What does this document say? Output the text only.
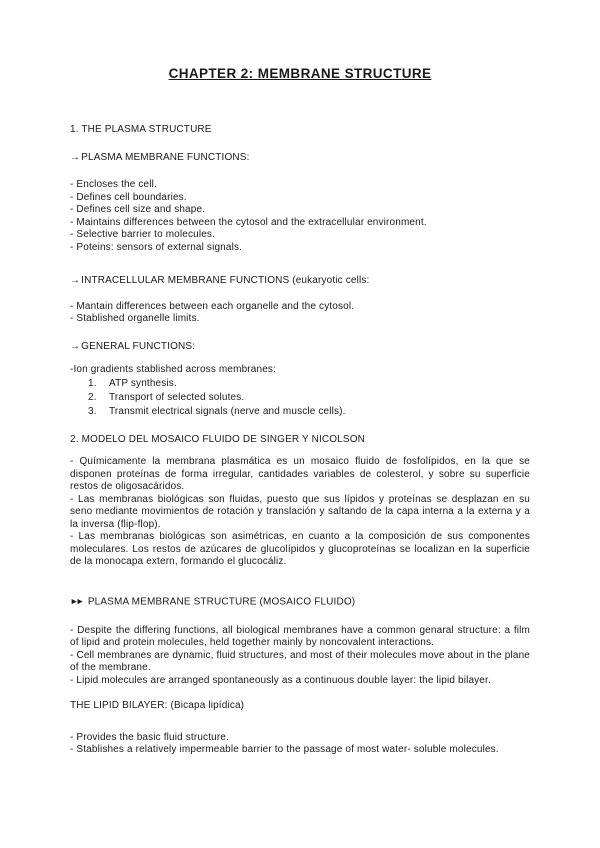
CHAPTER 2: MEMBRANE STRUCTURE

1. THE PLASMA STRUCTURE

→PLASMA MEMBRANE FUNCTIONS:

- Encloses the cell.

- Defines cell boundaries.

- Defines cell size and shape.

- Maintains differences between the cytosol and the extracellular environment.

- Selective barrier to molecules.

- Poteins: sensors of external signals.

→INTRACELLULAR MEMBRANE FUNCTIONS (eukaryotic cells:

- Mantain differences between each organelle and the cytosol.

- Stablished organelle limits.

→GENERAL FUNCTIONS:

-Ion gradients stablished across membranes:

1.	ATP synthesis.
2.	Transport of selected solutes.
3.	Transmit electrical signals (nerve and muscle cells).

2. MODELO DEL MOSAICO FLUIDO DE SINGER Y NICOLSON

- Químicamente la membrana plasmática es un mosaico fluido de fosfolípidos, en la que se disponen proteínas de forma irregular, cantidades variables de colesterol, y sobre su superficie restos de oligosacáridos.

- Las membranas biológicas son fluidas, puesto que sus lípidos y proteínas se desplazan en su seno mediante movimientos de rotación y translación y saltando de la capa interna a la externa y a la inversa (flip-flop).

- Las membranas biológicas son asimétricas, en cuanto a la composición de sus componentes moleculares. Los restos de azúcares de glucolípidos y glucoproteínas se localizan en la superficie de la monocapa extern, formando el glucocáliz.

►► PLASMA MEMBRANE STRUCTURE (MOSAICO FLUIDO)

- Despite the differing functions, all biological membranes have a common genaral structure: a film of lipid and protein molecules, held together mainly by noncovalent interactions.

- Cell membranes are dynamic, fluid structures, and most of their molecules move about in the plane of the membrane.

- Lipid molecules are arranged spontaneously as a continuous double layer: the lipid bilayer.

THE LIPID BILAYER: (Bicapa lipídica)

- Provides the basic fluid structure.

- Stablishes a relatively impermeable barrier to the passage of most water- soluble molecules.
